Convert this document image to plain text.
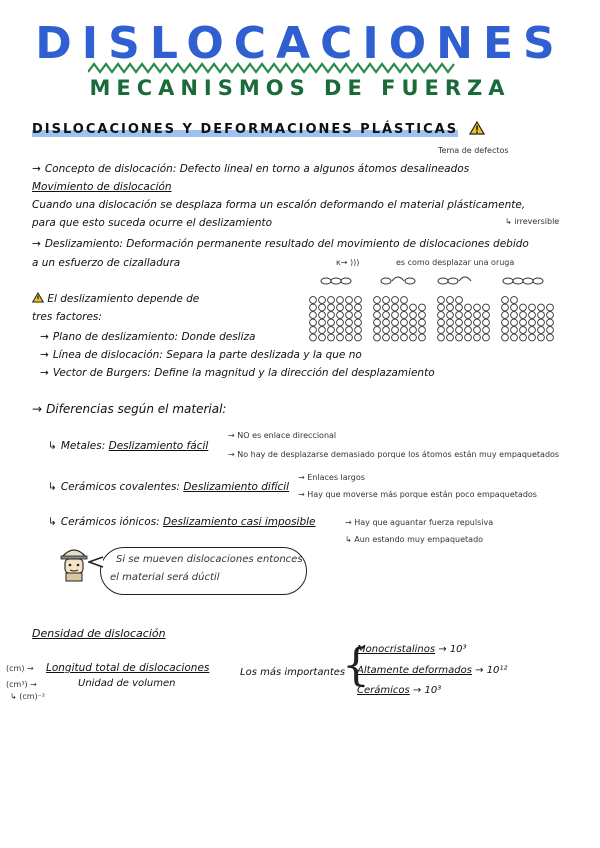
DISLOCACIONES
MECANISMOS DE FUERZA
DISLOCACIONES Y DEFORMACIONES PLÁSTICAS
Tema de defectos
→ Concepto de dislocación: Defecto lineal en torno a algunos átomos desalineados
Movimiento de dislocación
Cuando una dislocación se desplaza forma un escalón deformando el material plásticamente,
para que esto suceda ocurre el deslizamiento	↳ irreversible
→ Deslizamiento: Deformación permanente resultado del movimiento de dislocaciones debido
a un esfuerzo de cizalladura	κ→ )))	es como desplazar una oruga
El deslizamiento depende de
tres factores:
→ Plano de deslizamiento: Donde desliza
→ Línea de dislocación: Separa la parte deslizada y la que no
→ Vector de Burgers: Define la magnitud y la dirección del desplazamiento
→ Diferencias según el material:
↳ Metales: Deslizamiento fácil
→ NO es enlace direccional
→ No hay de desplazarse demasiado porque los átomos están muy empaquetados
↳ Cerámicos covalentes: Deslizamiento difícil
→ Enlaces largos
→ Hay que moverse más porque están poco empaquetados
↳ Cerámicos iónicos: Deslizamiento casi imposible	→ Hay que aguantar fuerza repulsiva
↳ Aun estando muy empaquetado
Si se mueven dislocaciones entonces
el material será dúctil
Densidad de dislocación
(cm) → Longitud total de dislocaciones
(cm³) →	Unidad de volumen
↳ (cm)⁻²
Los más importantes
{
Monocristalinos → 10³
Altamente deformados → 10¹²
Cerámicos → 10³
